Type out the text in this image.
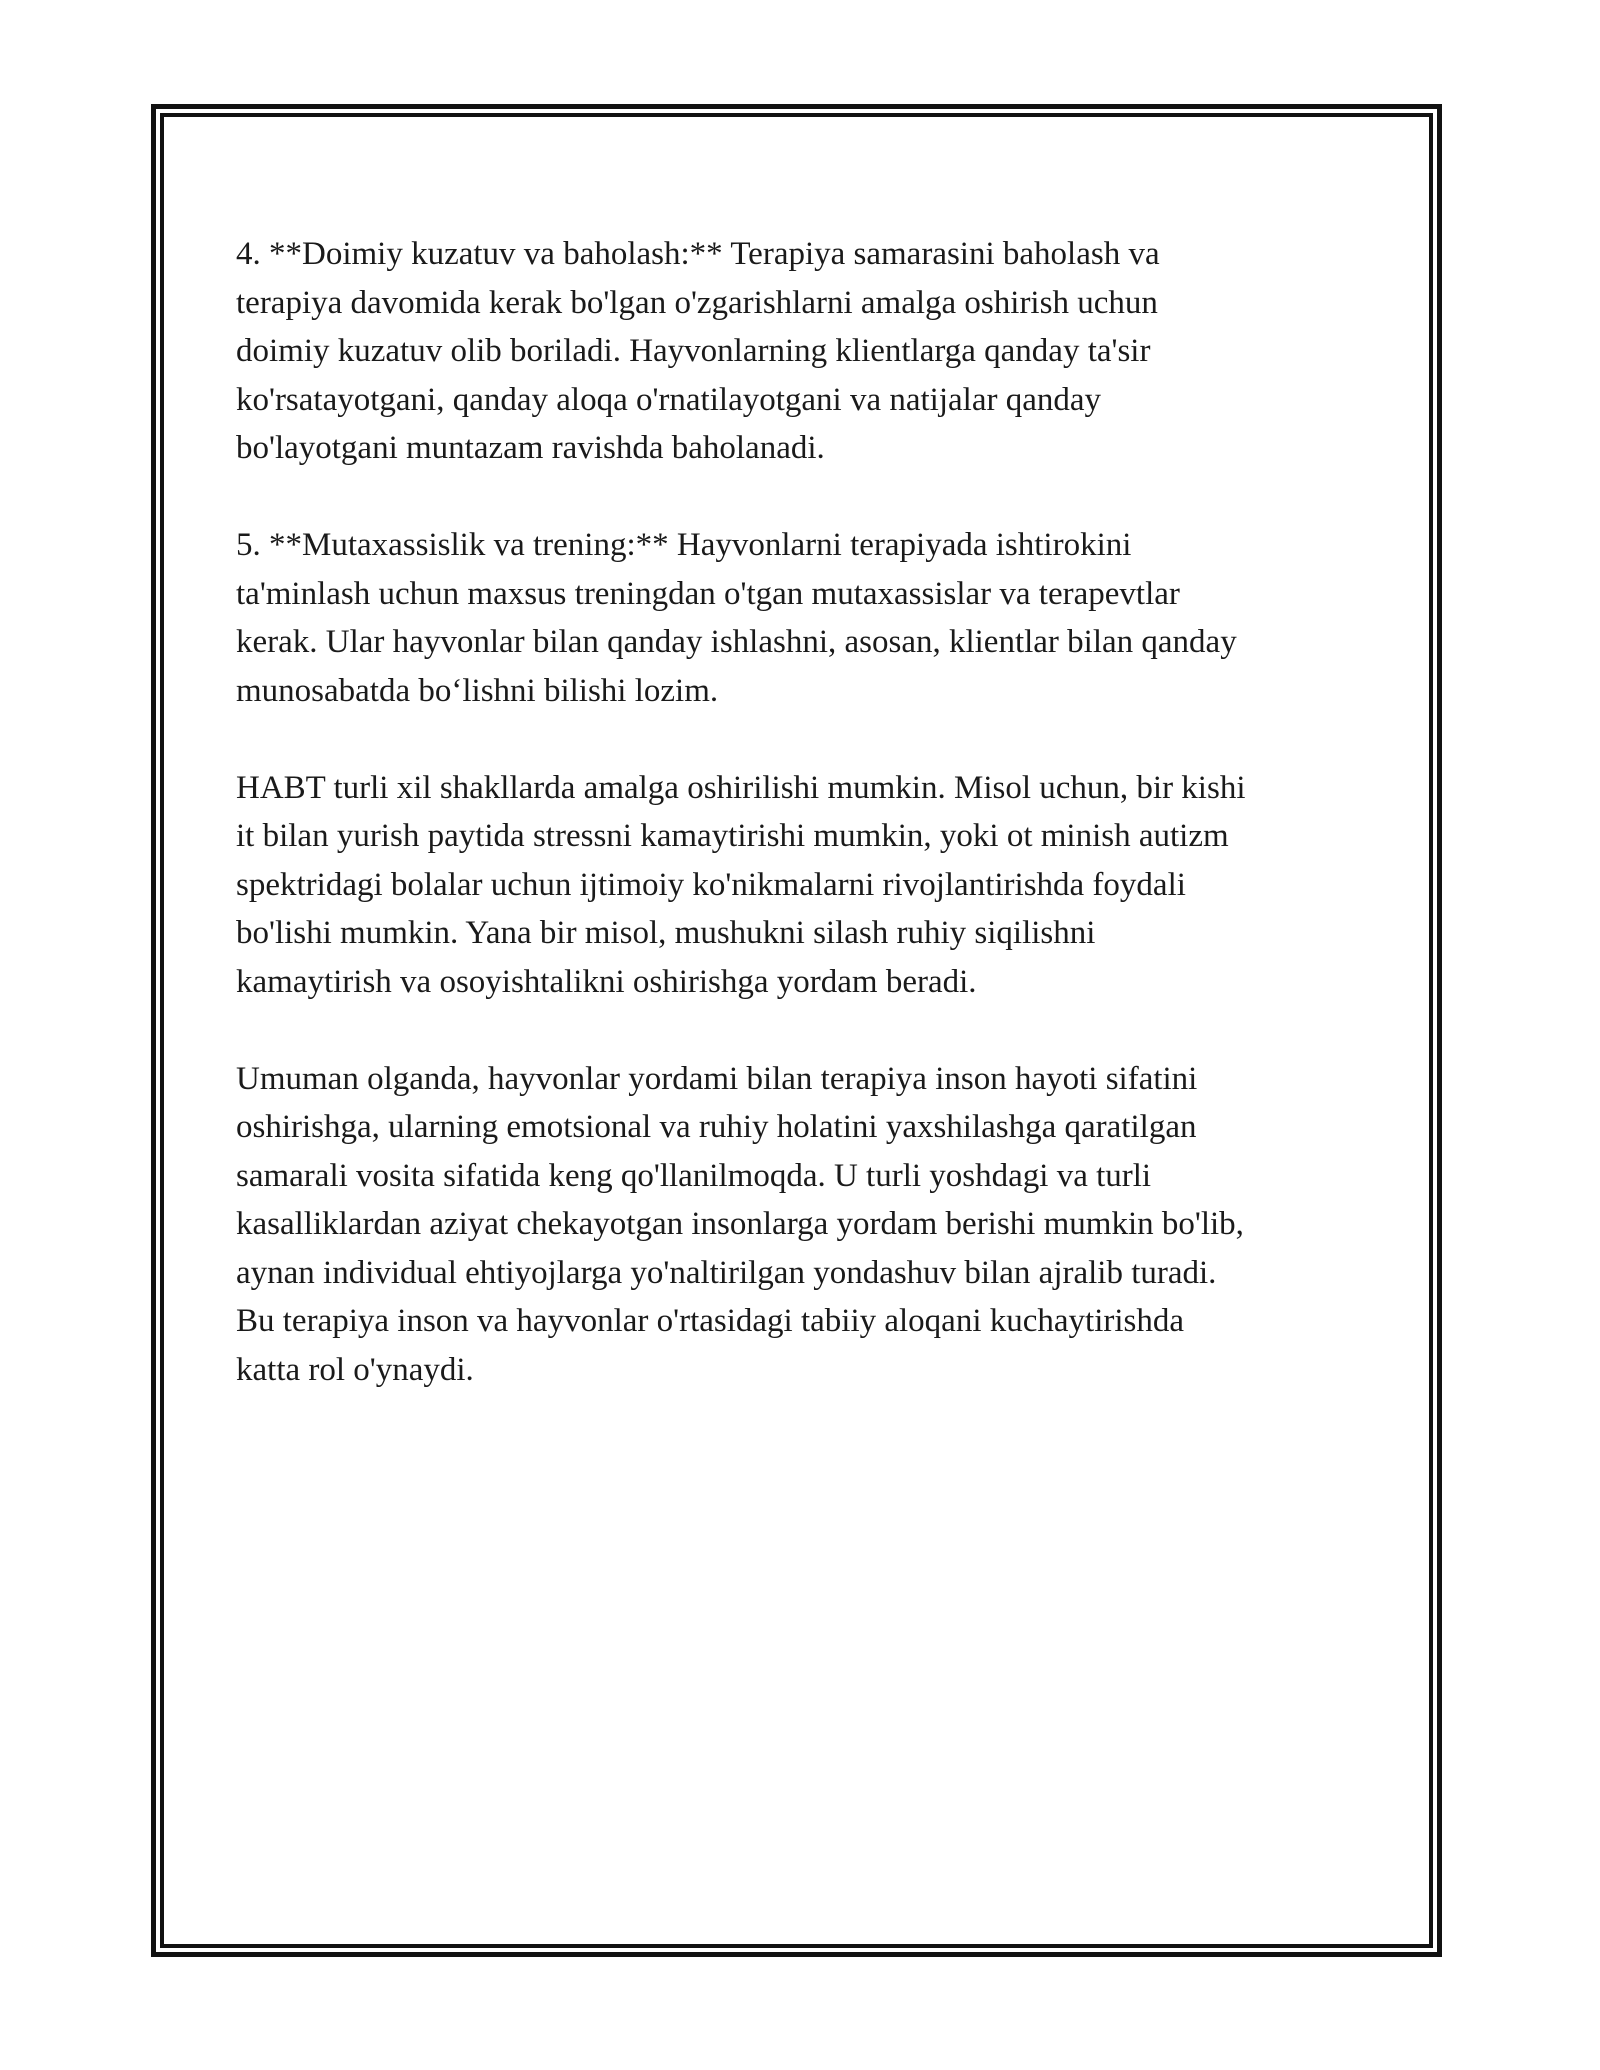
4. **Doimiy kuzatuv va baholash:** Terapiya samarasini baholash va
terapiya davomida kerak bo'lgan o'zgarishlarni amalga oshirish uchun
doimiy kuzatuv olib boriladi. Hayvonlarning klientlarga qanday ta'sir
ko'rsatayotgani, qanday aloqa o'rnatilayotgani va natijalar qanday
bo'layotgani muntazam ravishda baholanadi.

5. **Mutaxassislik va trening:** Hayvonlarni terapiyada ishtirokini
ta'minlash uchun maxsus treningdan o'tgan mutaxassislar va terapevtlar
kerak. Ular hayvonlar bilan qanday ishlashni, asosan, klientlar bilan qanday
munosabatda bo‘lishni bilishi lozim.

HABT turli xil shakllarda amalga oshirilishi mumkin. Misol uchun, bir kishi
it bilan yurish paytida stressni kamaytirishi mumkin, yoki ot minish autizm
spektridagi bolalar uchun ijtimoiy ko'nikmalarni rivojlantirishda foydali
bo'lishi mumkin. Yana bir misol, mushukni silash ruhiy siqilishni
kamaytirish va osoyishtalikni oshirishga yordam beradi.

Umuman olganda, hayvonlar yordami bilan terapiya inson hayoti sifatini
oshirishga, ularning emotsional va ruhiy holatini yaxshilashga qaratilgan
samarali vosita sifatida keng qo'llanilmoqda. U turli yoshdagi va turli
kasalliklardan aziyat chekayotgan insonlarga yordam berishi mumkin bo'lib,
aynan individual ehtiyojlarga yo'naltirilgan yondashuv bilan ajralib turadi.
Bu terapiya inson va hayvonlar o'rtasidagi tabiiy aloqani kuchaytirishda
katta rol o'ynaydi.
